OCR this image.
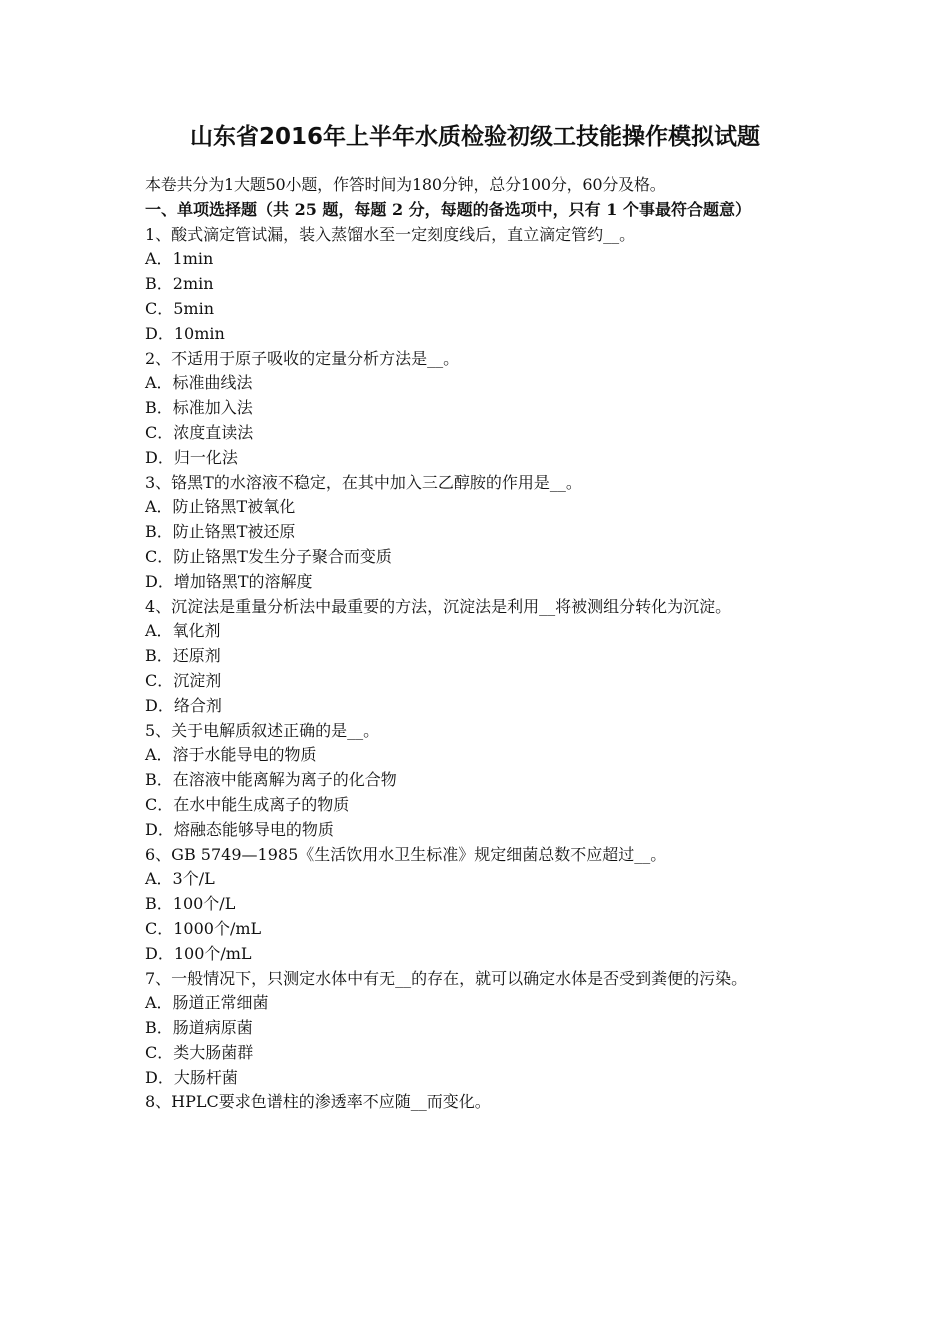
山东省2016年上半年水质检验初级工技能操作模拟试题

本卷共分为1大题50小题，作答时间为180分钟，总分100分，60分及格。

一、单项选择题（共 25 题，每题 2 分，每题的备选项中，只有 1 个事最符合题意）

1、酸式滴定管试漏，装入蒸馏水至一定刻度线后，直立滴定管约__。

A．1min

B．2min

C．5min

D．10min

2、不适用于原子吸收的定量分析方法是__。

A．标准曲线法

B．标准加入法

C．浓度直读法

D．归一化法

3、铬黑T的水溶液不稳定，在其中加入三乙醇胺的作用是__。

A．防止铬黑T被氧化

B．防止铬黑T被还原

C．防止铬黑T发生分子聚合而变质

D．增加铬黑T的溶解度

4、沉淀法是重量分析法中最重要的方法，沉淀法是利用__将被测组分转化为沉淀。

A．氧化剂

B．还原剂

C．沉淀剂

D．络合剂

5、关于电解质叙述正确的是__。

A．溶于水能导电的物质

B．在溶液中能离解为离子的化合物

C．在水中能生成离子的物质

D．熔融态能够导电的物质

6、GB 5749—1985《生活饮用水卫生标准》规定细菌总数不应超过__。

A．3个/L

B．100个/L

C．1000个/mL

D．100个/mL

7、一般情况下，只测定水体中有无__的存在，就可以确定水体是否受到粪便的污染。

A．肠道正常细菌

B．肠道病原菌

C．类大肠菌群

D．大肠杆菌

8、HPLC要求色谱柱的渗透率不应随__而变化。
